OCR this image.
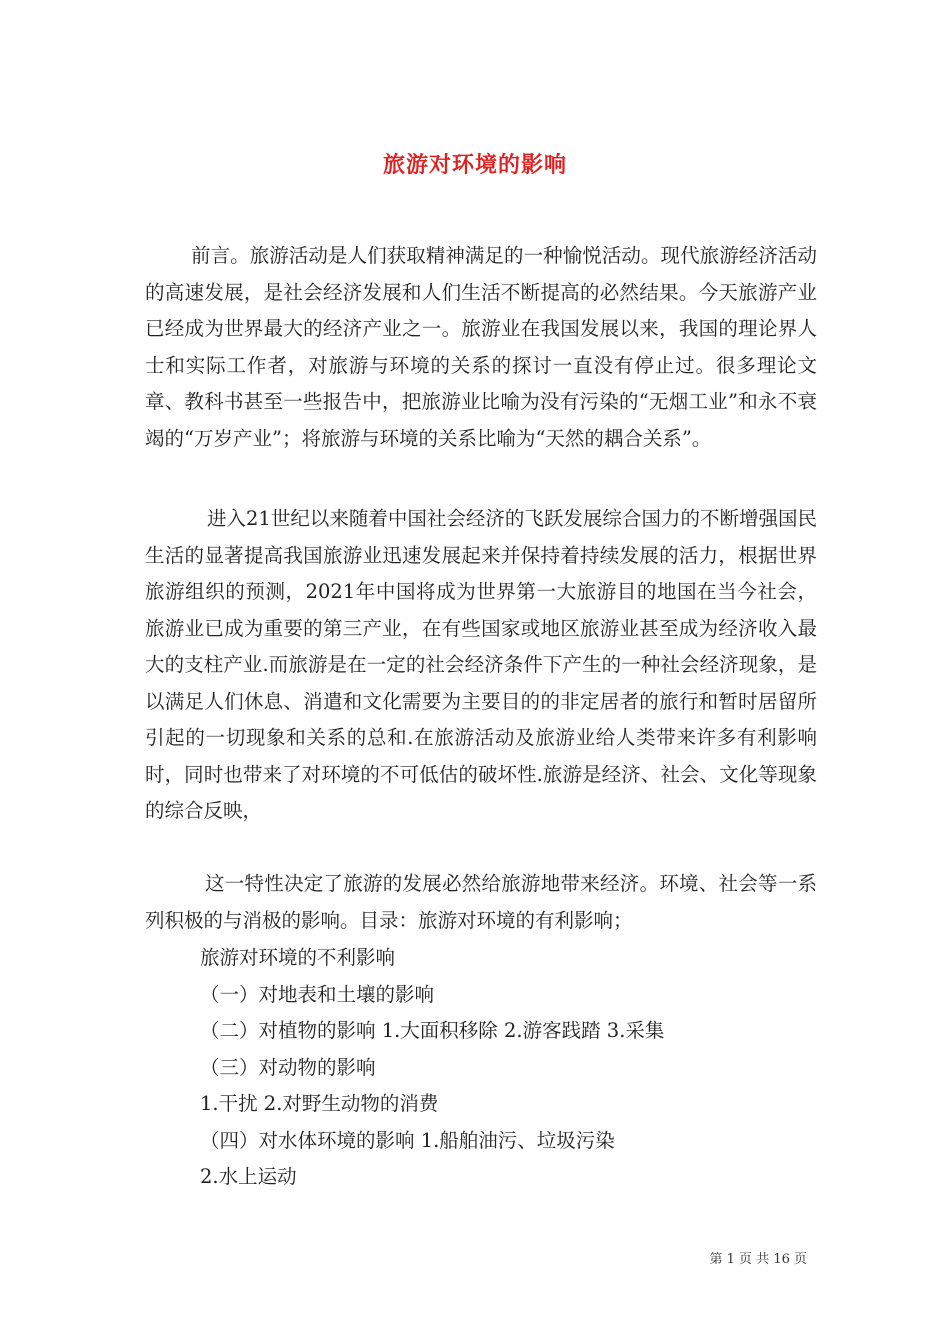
旅游对环境的影响

前言。旅游活动是人们获取精神满足的一种愉悦活动。现代旅游经济活动的高速发展，是社会经济发展和人们生活不断提高的必然结果。今天旅游产业已经成为世界最大的经济产业之一。旅游业在我国发展以来，我国的理论界人士和实际工作者，对旅游与环境的关系的探讨一直没有停止过。很多理论文章、教科书甚至一些报告中，把旅游业比喻为没有污染的“无烟工业”和永不衰竭的“万岁产业”；将旅游与环境的关系比喻为“天然的耦合关系”。

进入21世纪以来随着中国社会经济的飞跃发展综合国力的不断增强国民生活的显著提高我国旅游业迅速发展起来并保持着持续发展的活力，根据世界旅游组织的预测，2021年中国将成为世界第一大旅游目的地国在当今社会，旅游业已成为重要的第三产业，在有些国家或地区旅游业甚至成为经济收入最大的支柱产业.而旅游是在一定的社会经济条件下产生的一种社会经济现象，是以满足人们休息、消遣和文化需要为主要目的的非定居者的旅行和暂时居留所引起的一切现象和关系的总和.在旅游活动及旅游业给人类带来许多有利影响时，同时也带来了对环境的不可低估的破坏性.旅游是经济、社会、文化等现象的综合反映，

这一特性决定了旅游的发展必然给旅游地带来经济。环境、社会等一系列积极的与消极的影响。目录：旅游对环境的有利影响；

旅游对环境的不利影响

（一）对地表和土壤的影响

（二）对植物的影响 1.大面积移除 2.游客践踏 3.采集

（三）对动物的影响

1.干扰 2.对野生动物的消费

（四）对水体环境的影响 1.船舶油污、垃圾污染

2.水上运动

第 1 页 共 16 页
